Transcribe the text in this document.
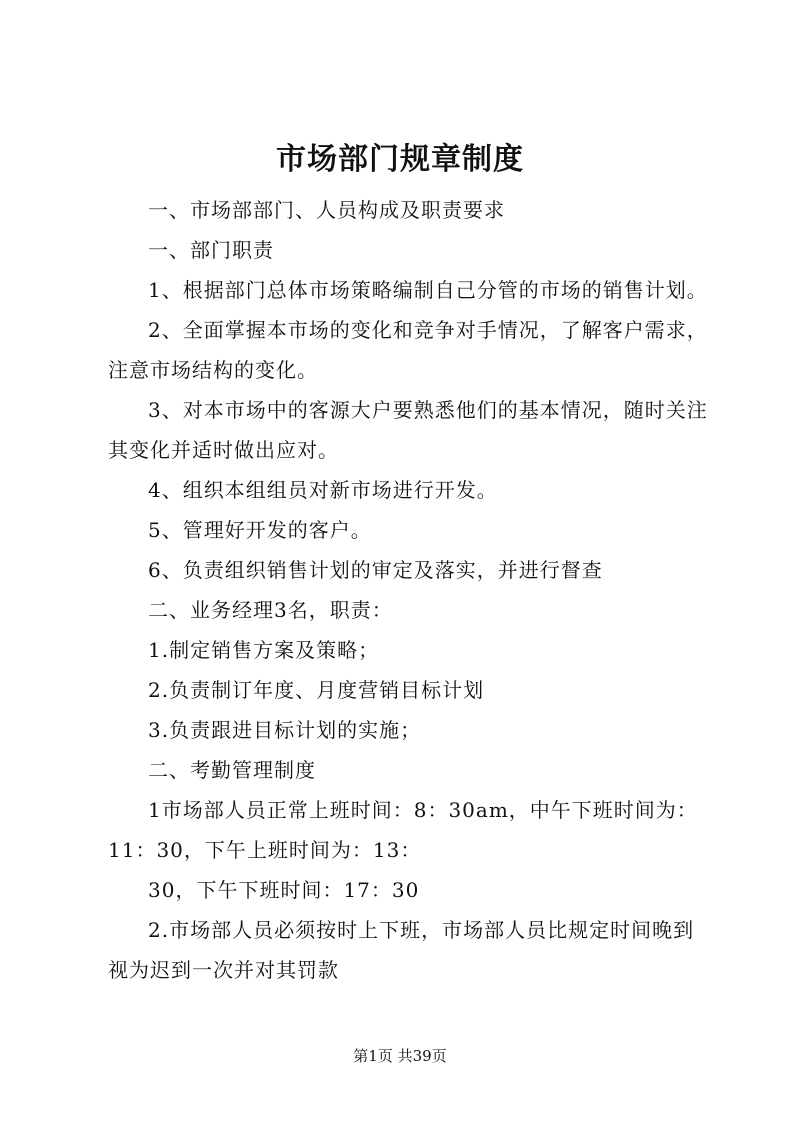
市场部门规章制度

一、市场部部门、人员构成及职责要求

一、部门职责

1、根据部门总体市场策略编制自己分管的市场的销售计划。

2、全面掌握本市场的变化和竞争对手情况，了解客户需求，注意市场结构的变化。

3、对本市场中的客源大户要熟悉他们的基本情况，随时关注其变化并适时做出应对。

4、组织本组组员对新市场进行开发。

5、管理好开发的客户。

6、负责组织销售计划的审定及落实，并进行督查

二、业务经理3名，职责：

1.制定销售方案及策略；

2.负责制订年度、月度营销目标计划

3.负责跟进目标计划的实施；

二、考勤管理制度

1市场部人员正常上班时间：8：30am，中午下班时间为：11：30，下午上班时间为：13：

30，下午下班时间：17：30

2.市场部人员必须按时上下班，市场部人员比规定时间晚到视为迟到一次并对其罚款

第1页 共39页
